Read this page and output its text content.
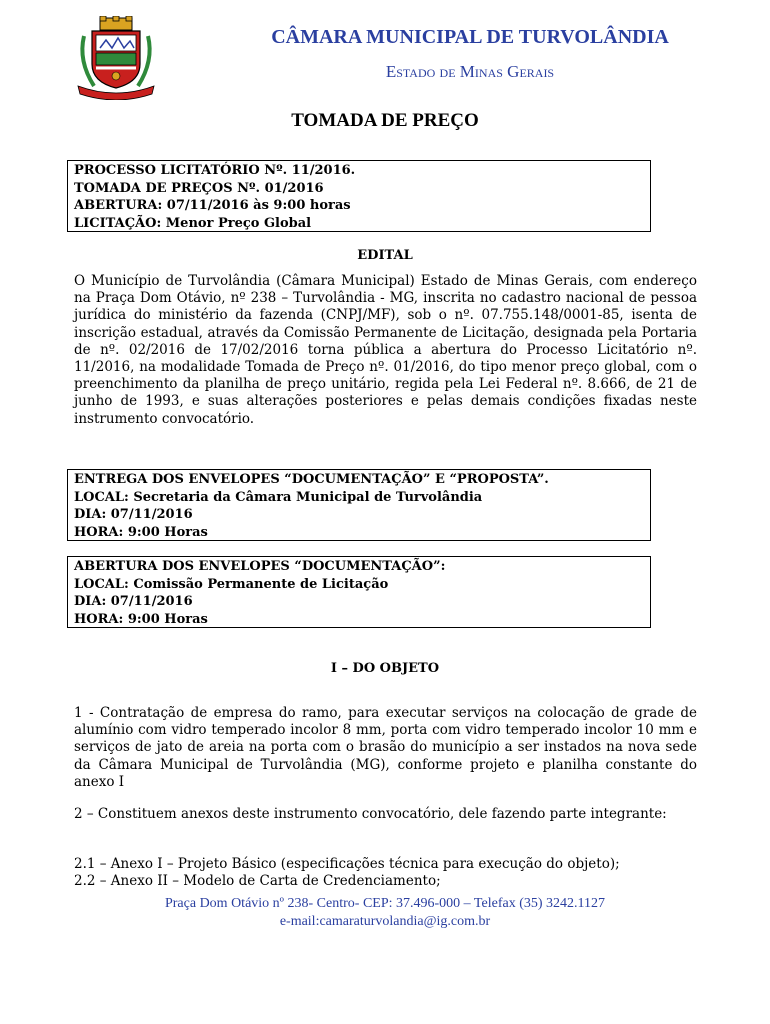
CÂMARA MUNICIPAL DE TURVOLÂNDIA

Estado de Minas Gerais

TOMADA DE PREÇO
PROCESSO LICITATÓRIO Nº. 11/2016.
TOMADA DE PREÇOS Nº. 01/2016
ABERTURA: 07/11/2016 às 9:00 horas
LICITAÇÃO: Menor Preço Global

EDITAL

O Município de Turvolândia (Câmara Municipal) Estado de Minas Gerais, com endereço na Praça Dom Otávio, nº 238 – Turvolândia - MG, inscrita no cadastro nacional de pessoa jurídica do ministério da fazenda (CNPJ/MF), sob o nº. 07.755.148/0001-85, isenta de inscrição estadual, através da Comissão Permanente de Licitação, designada pela Portaria de nº. 02/2016 de 17/02/2016 torna pública a abertura do Processo Licitatório nº. 11/2016, na modalidade Tomada de Preço nº. 01/2016, do tipo menor preço global, com o preenchimento da planilha de preço unitário, regida pela Lei Federal nº. 8.666, de 21 de junho de 1993, e suas alterações posteriores e pelas demais condições fixadas neste instrumento convocatório.

ENTREGA DOS ENVELOPES “DOCUMENTAÇÃO” E “PROPOSTA”.
LOCAL: Secretaria da Câmara Municipal de Turvolândia
DIA: 07/11/2016
HORA: 9:00 Horas
ABERTURA DOS ENVELOPES “DOCUMENTAÇÃO”:
LOCAL: Comissão Permanente de Licitação
DIA: 07/11/2016
HORA: 9:00 Horas

I – DO OBJETO

1 - Contratação de empresa do ramo, para executar serviços na colocação de grade de alumínio com vidro temperado incolor 8 mm, porta com vidro temperado incolor 10 mm e serviços de jato de areia na porta com o brasão do município a ser instados na nova sede da Câmara Municipal de Turvolândia (MG), conforme projeto e planilha constante do anexo I

2 – Constituem anexos deste instrumento convocatório, dele fazendo parte integrante:

2.1 – Anexo I – Projeto Básico (especificações técnica para execução do objeto);
2.2 – Anexo II – Modelo de Carta de Credenciamento;
Praça Dom Otávio nº 238- Centro- CEP: 37.496-000 – Telefax (35) 3242.1127
e-mail:camaraturvolandia@ig.com.br
